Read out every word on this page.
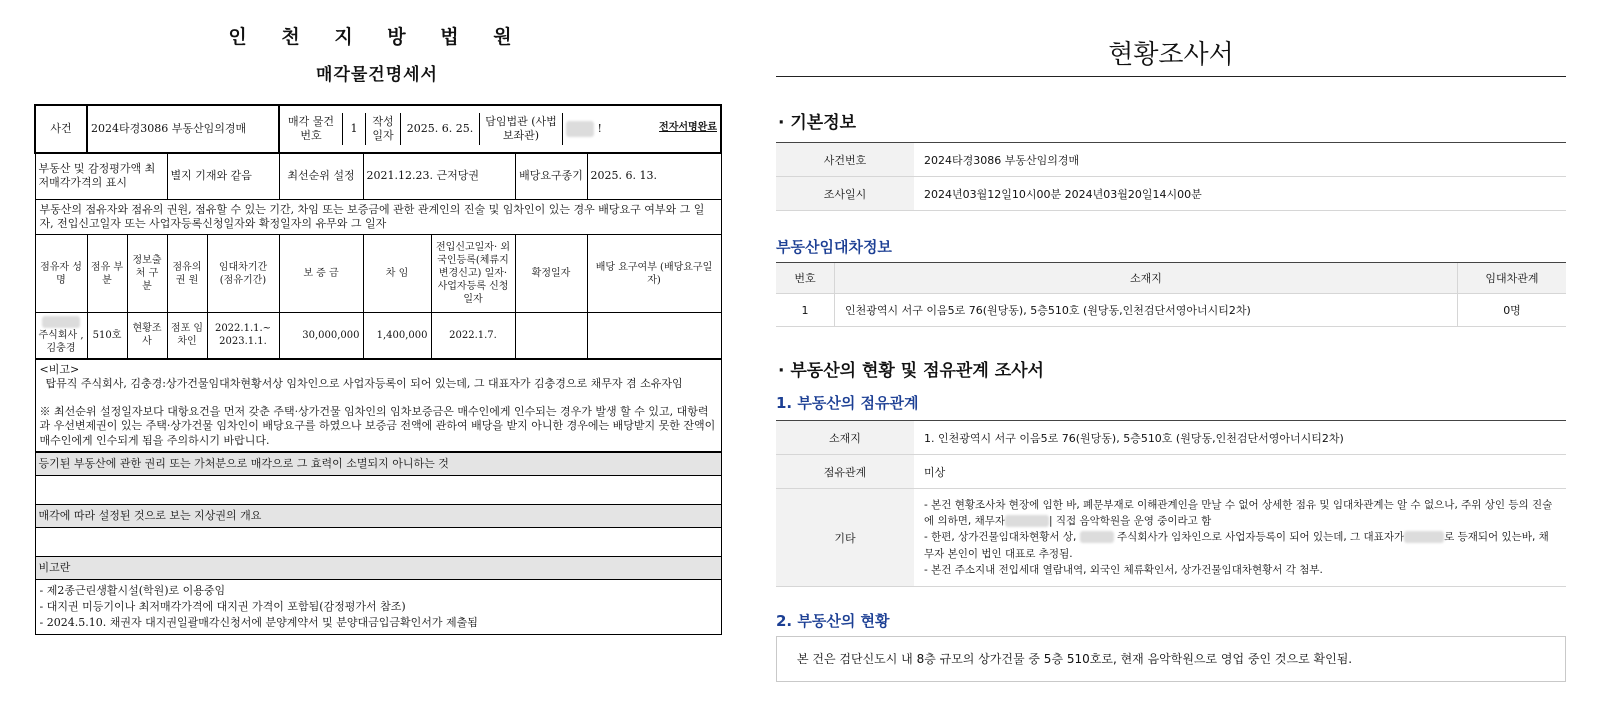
인 천 지 방 법 원
매각물건명세서
사건	2024타경3086 부동산임의경매	
매각 물건번호	1	작성 일자	2025. 6. 25.	담임법관 (사법보좌관)	!	전자서명완료

부동산 및 감정평가액 최저매각가격의 표시	별지 기재와 같음	최선순위 설정	2021.12.23. 근저당권	배당요구종기	2025. 6. 13.
부동산의 점유자와 점유의 권원, 점유할 수 있는 기간, 차임 또는 보증금에 관한 관계인의 진술 및 임차인이 있는 경우 배당요구 여부와 그 일자, 전입신고일자 또는 사업자등록신청일자와 확정일자의 유무와 그 일자
점유자 성 명	점유 부분	정보출처 구 분	점유의 권 원	임대차기간 (점유기간)	보 증 금	차 임	전입신고일자· 외국인등록(체류지변경신고) 일자·사업자등록 신청일자	확정일자	배당 요구여부 (배당요구일자)

주식회사 , 김충경	510호	현황조사	점포 임차인	2022.1.1.~ 2023.1.1.	30,000,000	1,400,000	2022.1.7.		

<비고>
탑뮤직 주식회사, 김충경:상가건물임대차현황서상 임차인으로 사업자등록이 되어 있는데, 그 대표자가 김충경으로 채무자 겸 소유자임
※ 최선순위 설정일자보다 대항요건을 먼저 갖춘 주택·상가건물 임차인의 임차보증금은 매수인에게 인수되는 경우가 발생 할 수 있고, 대항력과 우선변제권이 있는 주택·상가건물 임차인이 배당요구를 하였으나 보증금 전액에 관하여 배당을 받지 아니한 경우에는 배당받지 못한 잔액이 매수인에게 인수되게 됨을 주의하시기 바랍니다.

등기된 부동산에 관한 권리 또는 가처분으로 매각으로 그 효력이 소멸되지 아니하는 것

매각에 따라 설정된 것으로 보는 지상권의 개요

비고란

- 제2종근린생활시설(학원)로 이용중임
- 대지권 미등기이나 최저매각가격에 대지권 가격이 포함됨(감정평가서 참조)
- 2024.5.10. 채권자 대지권일괄매각신청서에 분양계약서 및 분양대금입금확인서가 제출됨
현황조사서
· 기본정보
사건번호	2024타경3086 부동산임의경매
조사일시	2024년03월12일10시00분 2024년03월20일14시00분
부동산임대차정보
번호	소재지	임대차관계
1	인천광역시 서구 이음5로 76(원당동), 5층510호 (원당동,인천검단서영아너시티2차)	0명
· 부동산의 현황 및 점유관계 조사서
1. 부동산의 점유관계
소재지	1. 인천광역시 서구 이음5로 76(원당동), 5층510호 (원당동,인천검단서영아너시티2차)
점유관계	미상
기타	- 본건 현황조사차 현장에 임한 바, 폐문부재로 이해관계인을 만날 수 없어 상세한 점유 및 임대차관계는 알 수 없으나, 주위 상인 등의 진술에 의하면, 채무자 | 직접 음악학원을 운영 중이라고 함
- 한편, 상가건물임대차현황서 상, 주식회사가 임차인으로 사업자등록이 되어 있는데, 그 대표자가 로 등재되어 있는바, 채무자 본인이 법인 대표로 추정됨.
- 본건 주소지내 전입세대 열람내역, 외국인 체류확인서, 상가건물임대차현황서 각 첨부.
2. 부동산의 현황
본 건은 검단신도시 내 8층 규모의 상가건물 중 5층 510호로, 현재 음악학원으로 영업 중인 것으로 확인됨.
